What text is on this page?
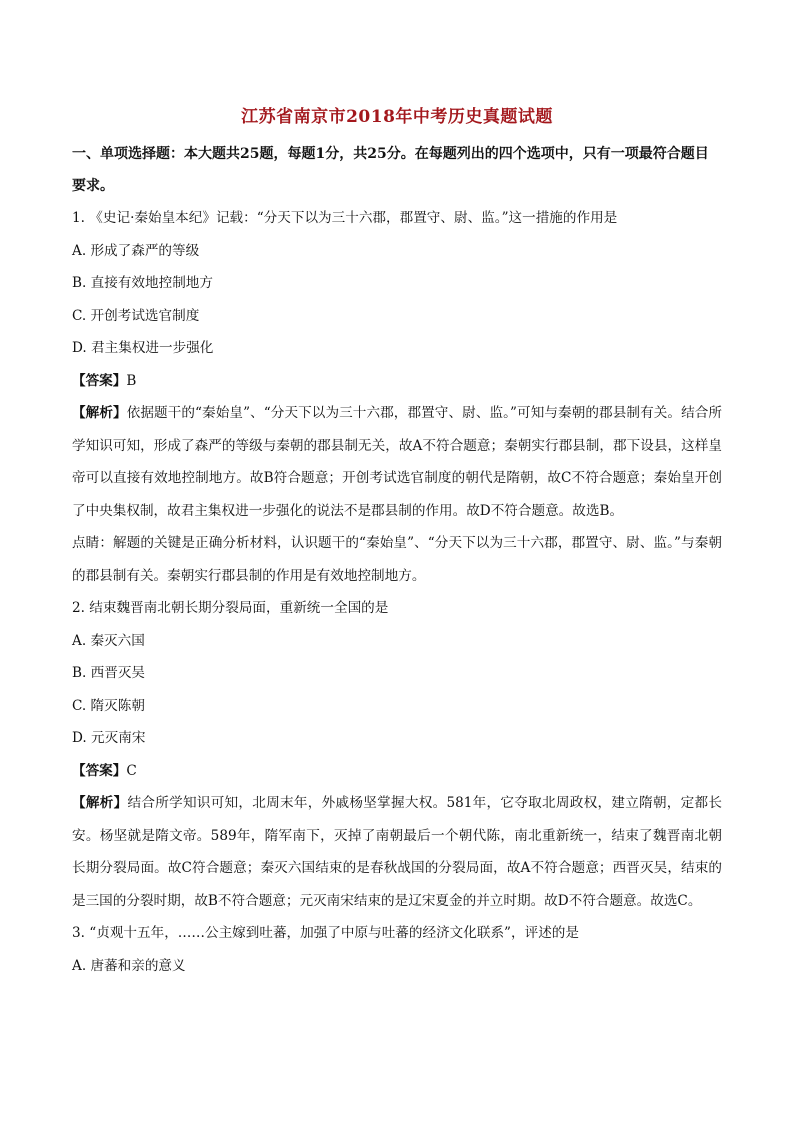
江苏省南京市2018年中考历史真题试题

一、单项选择题：本大题共25题，每题1分，共25分。在每题列出的四个选项中，只有一项最符合题目要求。

1. 《史记·秦始皇本纪》记载：“分天下以为三十六郡，郡置守、尉、监。”这一措施的作用是

A. 形成了森严的等级

B. 直接有效地控制地方

C. 开创考试选官制度

D. 君主集权进一步强化

【答案】B

【解析】依据题干的“秦始皇”、“分天下以为三十六郡，郡置守、尉、监。”可知与秦朝的郡县制有关。结合所学知识可知，形成了森严的等级与秦朝的郡县制无关，故A不符合题意；秦朝实行郡县制，郡下设县，这样皇帝可以直接有效地控制地方。故B符合题意；开创考试选官制度的朝代是隋朝，故C不符合题意；秦始皇开创了中央集权制，故君主集权进一步强化的说法不是郡县制的作用。故D不符合题意。故选B。

点睛：解题的关键是正确分析材料，认识题干的“秦始皇”、“分天下以为三十六郡，郡置守、尉、监。”与秦朝的郡县制有关。秦朝实行郡县制的作用是有效地控制地方。

2. 结束魏晋南北朝长期分裂局面，重新统一全国的是

A. 秦灭六国

B. 西晋灭吴

C. 隋灭陈朝

D. 元灭南宋

【答案】C

【解析】结合所学知识可知，北周末年，外戚杨坚掌握大权。581年，它夺取北周政权，建立隋朝，定都长安。杨坚就是隋文帝。589年，隋军南下，灭掉了南朝最后一个朝代陈，南北重新统一，结束了魏晋南北朝长期分裂局面。故C符合题意；秦灭六国结束的是春秋战国的分裂局面，故A不符合题意；西晋灭吴，结束的是三国的分裂时期，故B不符合题意；元灭南宋结束的是辽宋夏金的并立时期。故D不符合题意。故选C。

3. “贞观十五年，……公主嫁到吐蕃，加强了中原与吐蕃的经济文化联系”，评述的是

A. 唐蕃和亲的意义
